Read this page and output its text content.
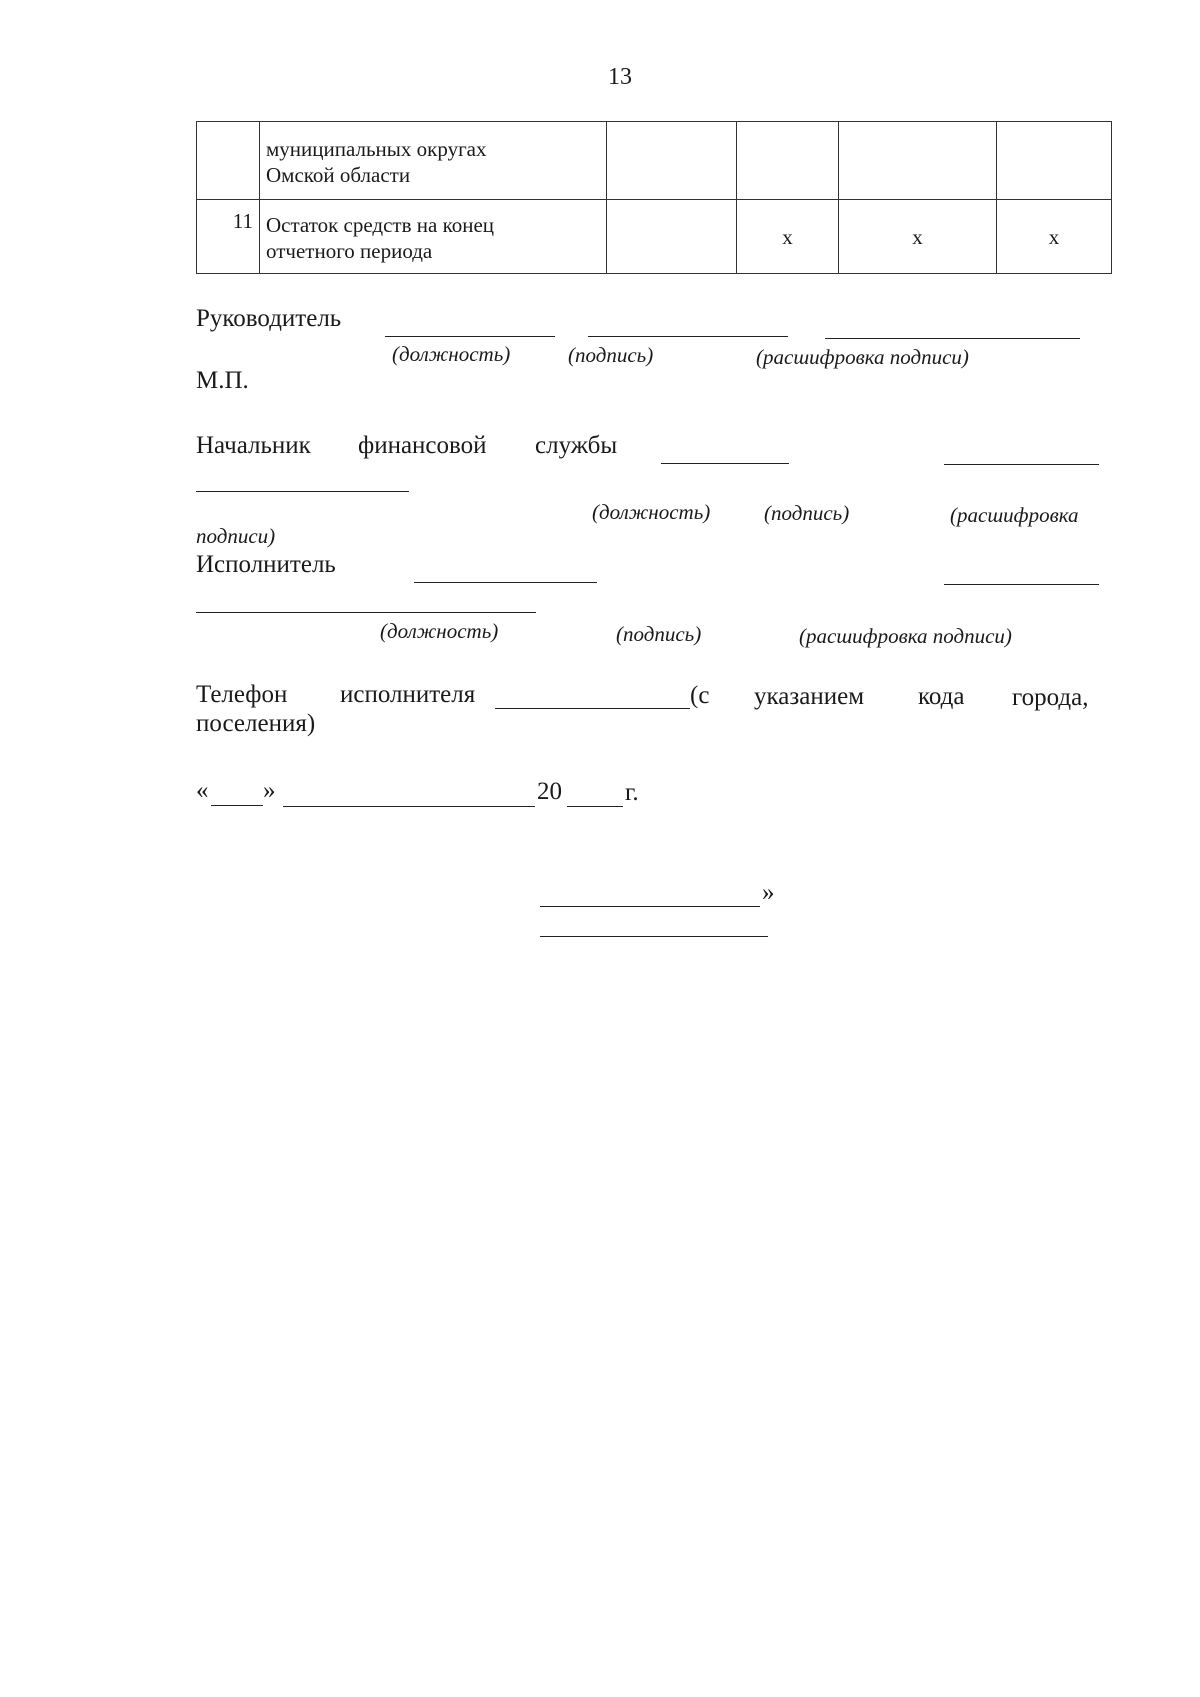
13

	муниципальных округах
Омской области				

11	Остаток средств на конец
отчетного периода		x	x	x
Руководитель
(должность)	(подпись)	(расшифровка подписи)
М.П.
Начальник финансовой службы
(должность)	(подпись)	(расшифровка
подписи)
Исполнитель
(должность)	(подпись)	(расшифровка подписи)
Телефон исполнителя	(с указанием кода города,
поселения)
« »	20	г.
»
